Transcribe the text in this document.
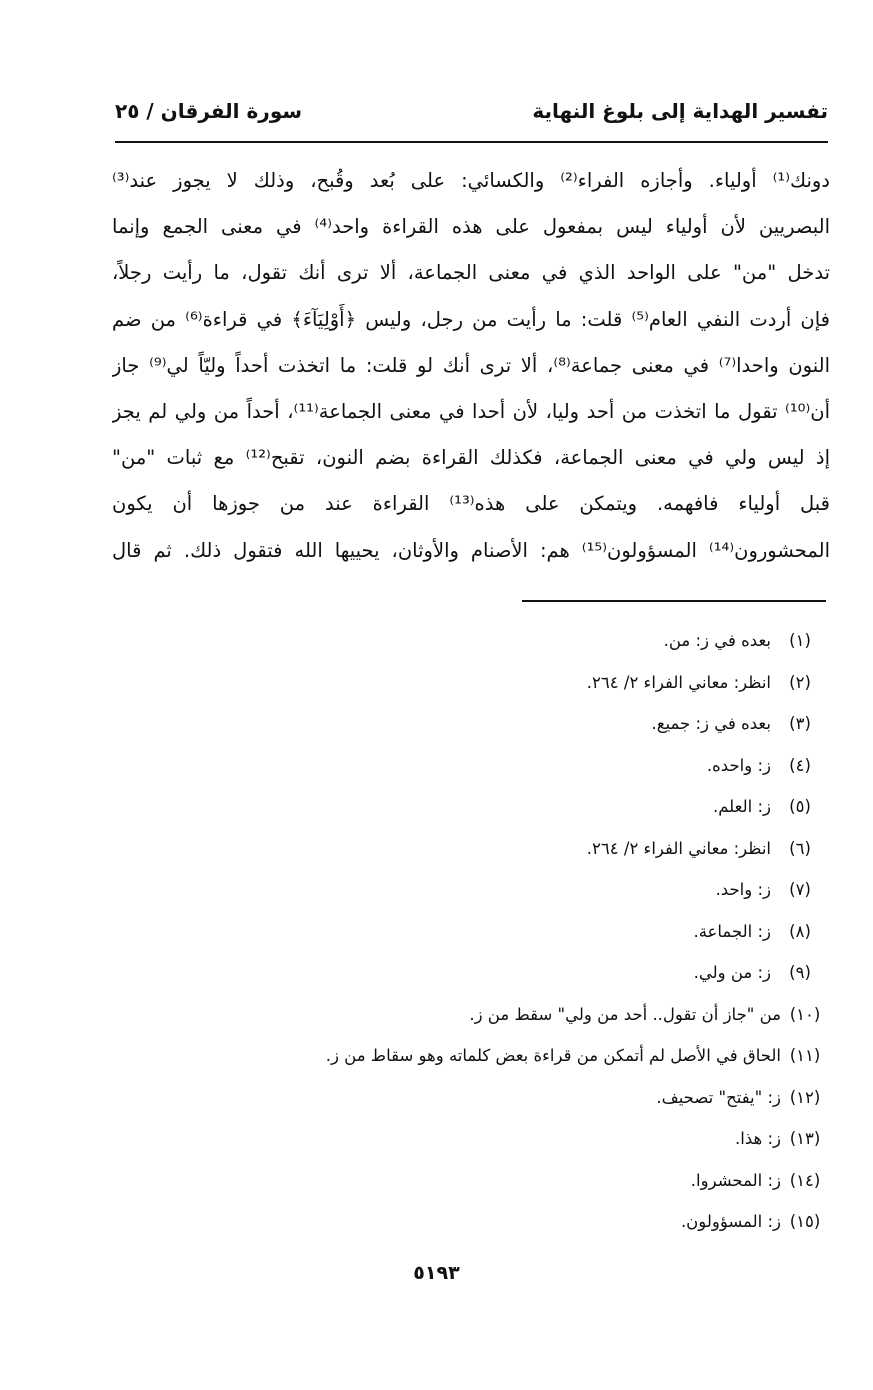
تفسير الهداية إلى بلوغ النهاية
سورة الفرقان / ٢٥
دونك⁽¹⁾ أولياء. وأجازه الفراء⁽²⁾ والكسائي: على بُعد وقُبح، وذلك لا يجوز عند⁽³⁾
البصريين لأن أولياء ليس بمفعول على هذه القراءة واحد⁽⁴⁾ في معنى الجمع وإنما
تدخل "من" على الواحد الذي في معنى الجماعة، ألا ترى أنك تقول، ما رأيت رجلاً،
فإن أردت النفي العام⁽⁵⁾ قلت: ما رأيت من رجل، وليس ﴿أَوْلِيَآءَ﴾ في قراءة⁽⁶⁾ من ضم
النون واحدا⁽⁷⁾ في معنى جماعة⁽⁸⁾، ألا ترى أنك لو قلت: ما اتخذت أحداً وليّاً لي⁽⁹⁾ جاز
أن⁽¹⁰⁾ تقول ما اتخذت من أحد وليا، لأن أحدا في معنى الجماعة⁽¹¹⁾، أحداً من ولي لم يجز
إذ ليس ولي في معنى الجماعة، فكذلك القراءة بضم النون، تقبح⁽¹²⁾ مع ثبات "من"
قبل أولياء فافهمه. ويتمكن على هذه⁽¹³⁾ القراءة عند من جوزها أن يكون
المحشورون⁽¹⁴⁾ المسؤولون⁽¹⁵⁾ هم: الأصنام والأوثان، يحييها الله فتقول ذلك. ثم قال
(١)
بعده في ز: من.
(٢)
انظر: معاني الفراء ٢/ ٢٦٤.
(٣)
بعده في ز: جميع.
(٤)
ز: واحده.
(٥)
ز: العلم.
(٦)
انظر: معاني الفراء ٢/ ٢٦٤.
(٧)
ز: واحد.
(٨)
ز: الجماعة.
(٩)
ز: من ولي.
(١٠)
من "جاز أن تقول.. أحد من ولي" سقط من ز.
(١١)
الحاق في الأصل لم أتمكن من قراءة بعض كلماته وهو سقاط من ز.
(١٢)
ز: "يفتح" تصحيف.
(١٣)
ز: هذا.
(١٤)
ز: المحشروا.
(١٥)
ز: المسؤولون.
٥١٩٣
